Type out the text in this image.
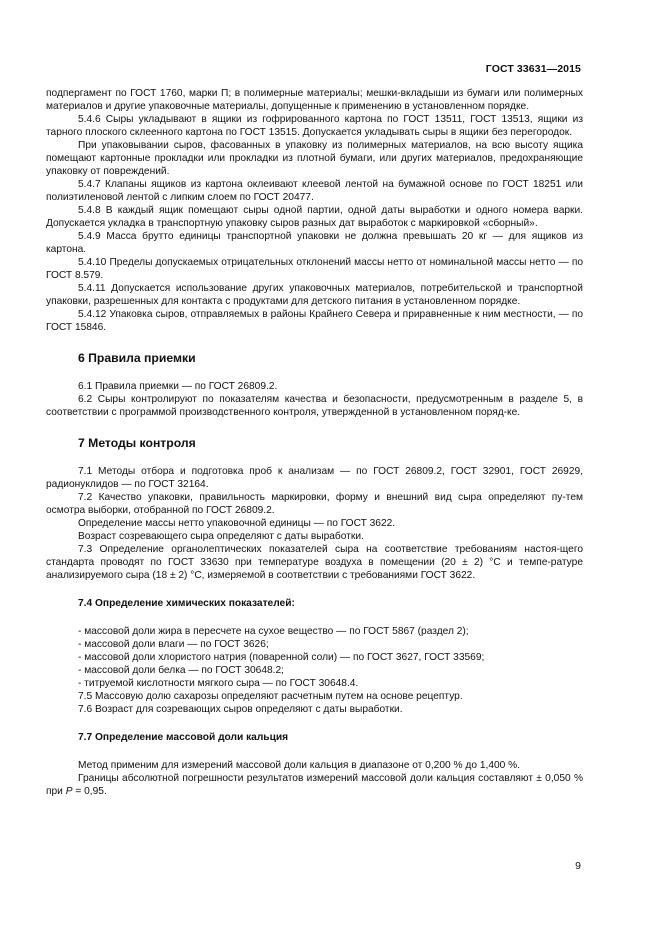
ГОСТ 33631—2015

подпергамент по ГОСТ 1760, марки П; в полимерные материалы; мешки-вкладыши из бумаги или полимерных материалов и другие упаковочные материалы, допущенные к применению в установленном порядке.

5.4.6 Сыры укладывают в ящики из гофрированного картона по ГОСТ 13511, ГОСТ 13513, ящики из тарного плоского склеенного картона по ГОСТ 13515. Допускается укладывать сыры в ящики без перегородок.

При упаковывании сыров, фасованных в упаковку из полимерных материалов, на всю высоту ящика помещают картонные прокладки или прокладки из плотной бумаги, или других материалов, предохраняющие упаковку от повреждений.

5.4.7 Клапаны ящиков из картона оклеивают клеевой лентой на бумажной основе по ГОСТ 18251 или полиэтиленовой лентой с липким слоем по ГОСТ 20477.

5.4.8 В каждый ящик помещают сыры одной партии, одной даты выработки и одного номера варки. Допускается укладка в транспортную упаковку сыров разных дат выработок с маркировкой «сборный».

5.4.9 Масса брутто единицы транспортной упаковки не должна превышать 20 кг — для ящиков из картона.

5.4.10 Пределы допускаемых отрицательных отклонений массы нетто от номинальной массы нетто — по ГОСТ 8.579.

5.4.11 Допускается использование других упаковочных материалов, потребительской и транспортной упаковки, разрешенных для контакта с продуктами для детского питания в установленном порядке.

5.4.12 Упаковка сыров, отправляемых в районы Крайнего Севера и приравненные к ним местности, — по ГОСТ 15846.

6 Правила приемки

6.1 Правила приемки — по ГОСТ 26809.2.

6.2 Сыры контролируют по показателям качества и безопасности, предусмотренным в разделе 5, в соответствии с программой производственного контроля, утвержденной в установленном поряд-ке.

7 Методы контроля

7.1 Методы отбора и подготовка проб к анализам — по ГОСТ 26809.2, ГОСТ 32901, ГОСТ 26929, радионуклидов — по ГОСТ 32164.

7.2 Качество упаковки, правильность маркировки, форму и внешний вид сыра определяют пу-тем осмотра выборки, отобранной по ГОСТ 26809.2.

Определение массы нетто упаковочной единицы — по ГОСТ 3622.

Возраст созревающего сыра определяют с даты выработки.

7.3 Определение органолептических показателей сыра на соответствие требованиям настоя-щего стандарта проводят по ГОСТ 33630 при температуре воздуха в помещении (20 ± 2) °С и темпе-ратуре анализируемого сыра (18 ± 2) °С, измеряемой в соответствии с требованиями ГОСТ 3622.

7.4 Определение химических показателей:

- массовой доли жира в пересчете на сухое вещество — по ГОСТ 5867 (раздел 2);

- массовой доли влаги — по ГОСТ 3626;

- массовой доли хлористого натрия (поваренной соли) — по ГОСТ 3627, ГОСТ 33569;

- массовой доли белка — по ГОСТ 30648.2;

- титруемой кислотности мягкого сыра — по ГОСТ 30648.4.

7.5 Массовую долю сахарозы определяют расчетным путем на основе рецептур.

7.6 Возраст для созревающих сыров определяют с даты выработки.

7.7 Определение массовой доли кальция

Метод применим для измерений массовой доли кальция в диапазоне от 0,200 % до 1,400 %.

Границы абсолютной погрешности результатов измерений массовой доли кальция составляют ± 0,050 % при P = 0,95.

9
